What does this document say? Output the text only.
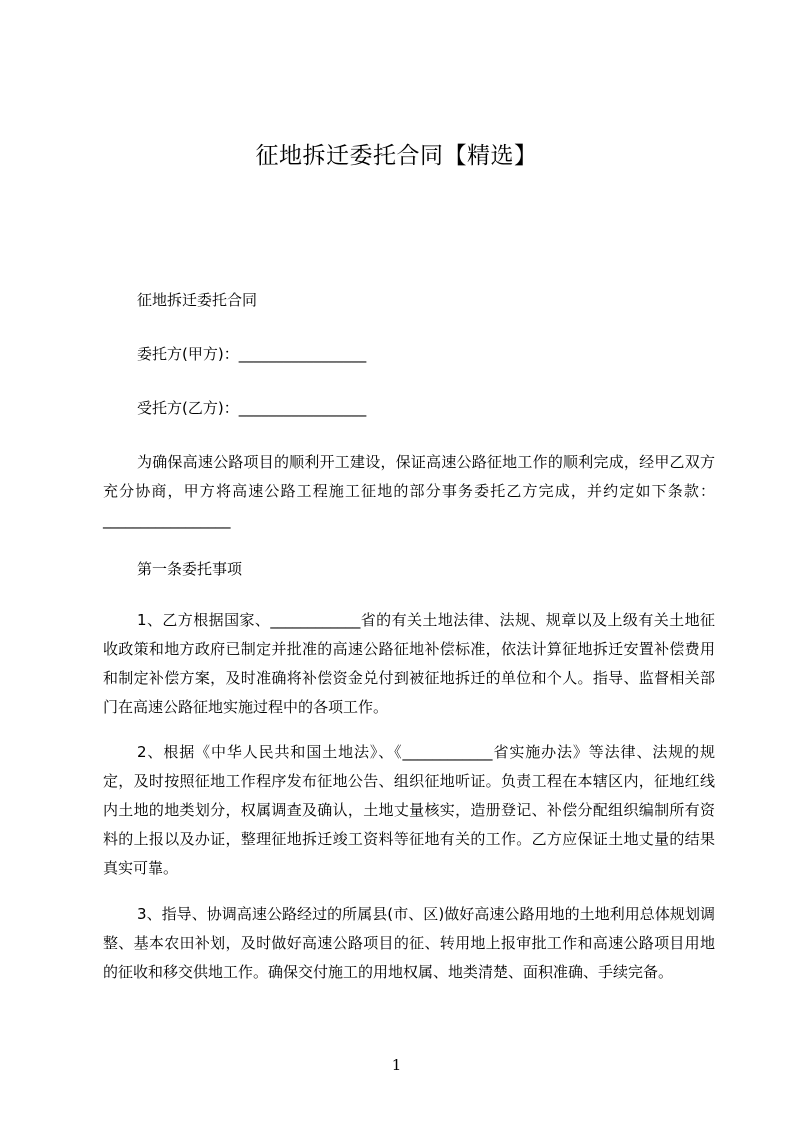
征地拆迁委托合同【精选】

征地拆迁委托合同

委托方(甲方)：_________________

受托方(乙方)：_________________

为确保高速公路项目的顺利开工建设，保证高速公路征地工作的顺利完成，经甲乙双方充分协商，甲方将高速公路工程施工征地的部分事务委托乙方完成，并约定如下条款：_________________

第一条委托事项

1、乙方根据国家、____________省的有关土地法律、法规、规章以及上级有关土地征收政策和地方政府已制定并批准的高速公路征地补偿标准，依法计算征地拆迁安置补偿费用和制定补偿方案，及时准确将补偿资金兑付到被征地拆迁的单位和个人。指导、监督相关部门在高速公路征地实施过程中的各项工作。

2、根据《中华人民共和国土地法》、《____________省实施办法》等法律、法规的规定，及时按照征地工作程序发布征地公告、组织征地听证。负责工程在本辖区内，征地红线内土地的地类划分，权属调查及确认，土地丈量核实，造册登记、补偿分配组织编制所有资料的上报以及办证，整理征地拆迁竣工资料等征地有关的工作。乙方应保证土地丈量的结果真实可靠。

3、指导、协调高速公路经过的所属县(市、区)做好高速公路用地的土地利用总体规划调整、基本农田补划，及时做好高速公路项目的征、转用地上报审批工作和高速公路项目用地的征收和移交供地工作。确保交付施工的用地权属、地类清楚、面积准确、手续完备。

1
